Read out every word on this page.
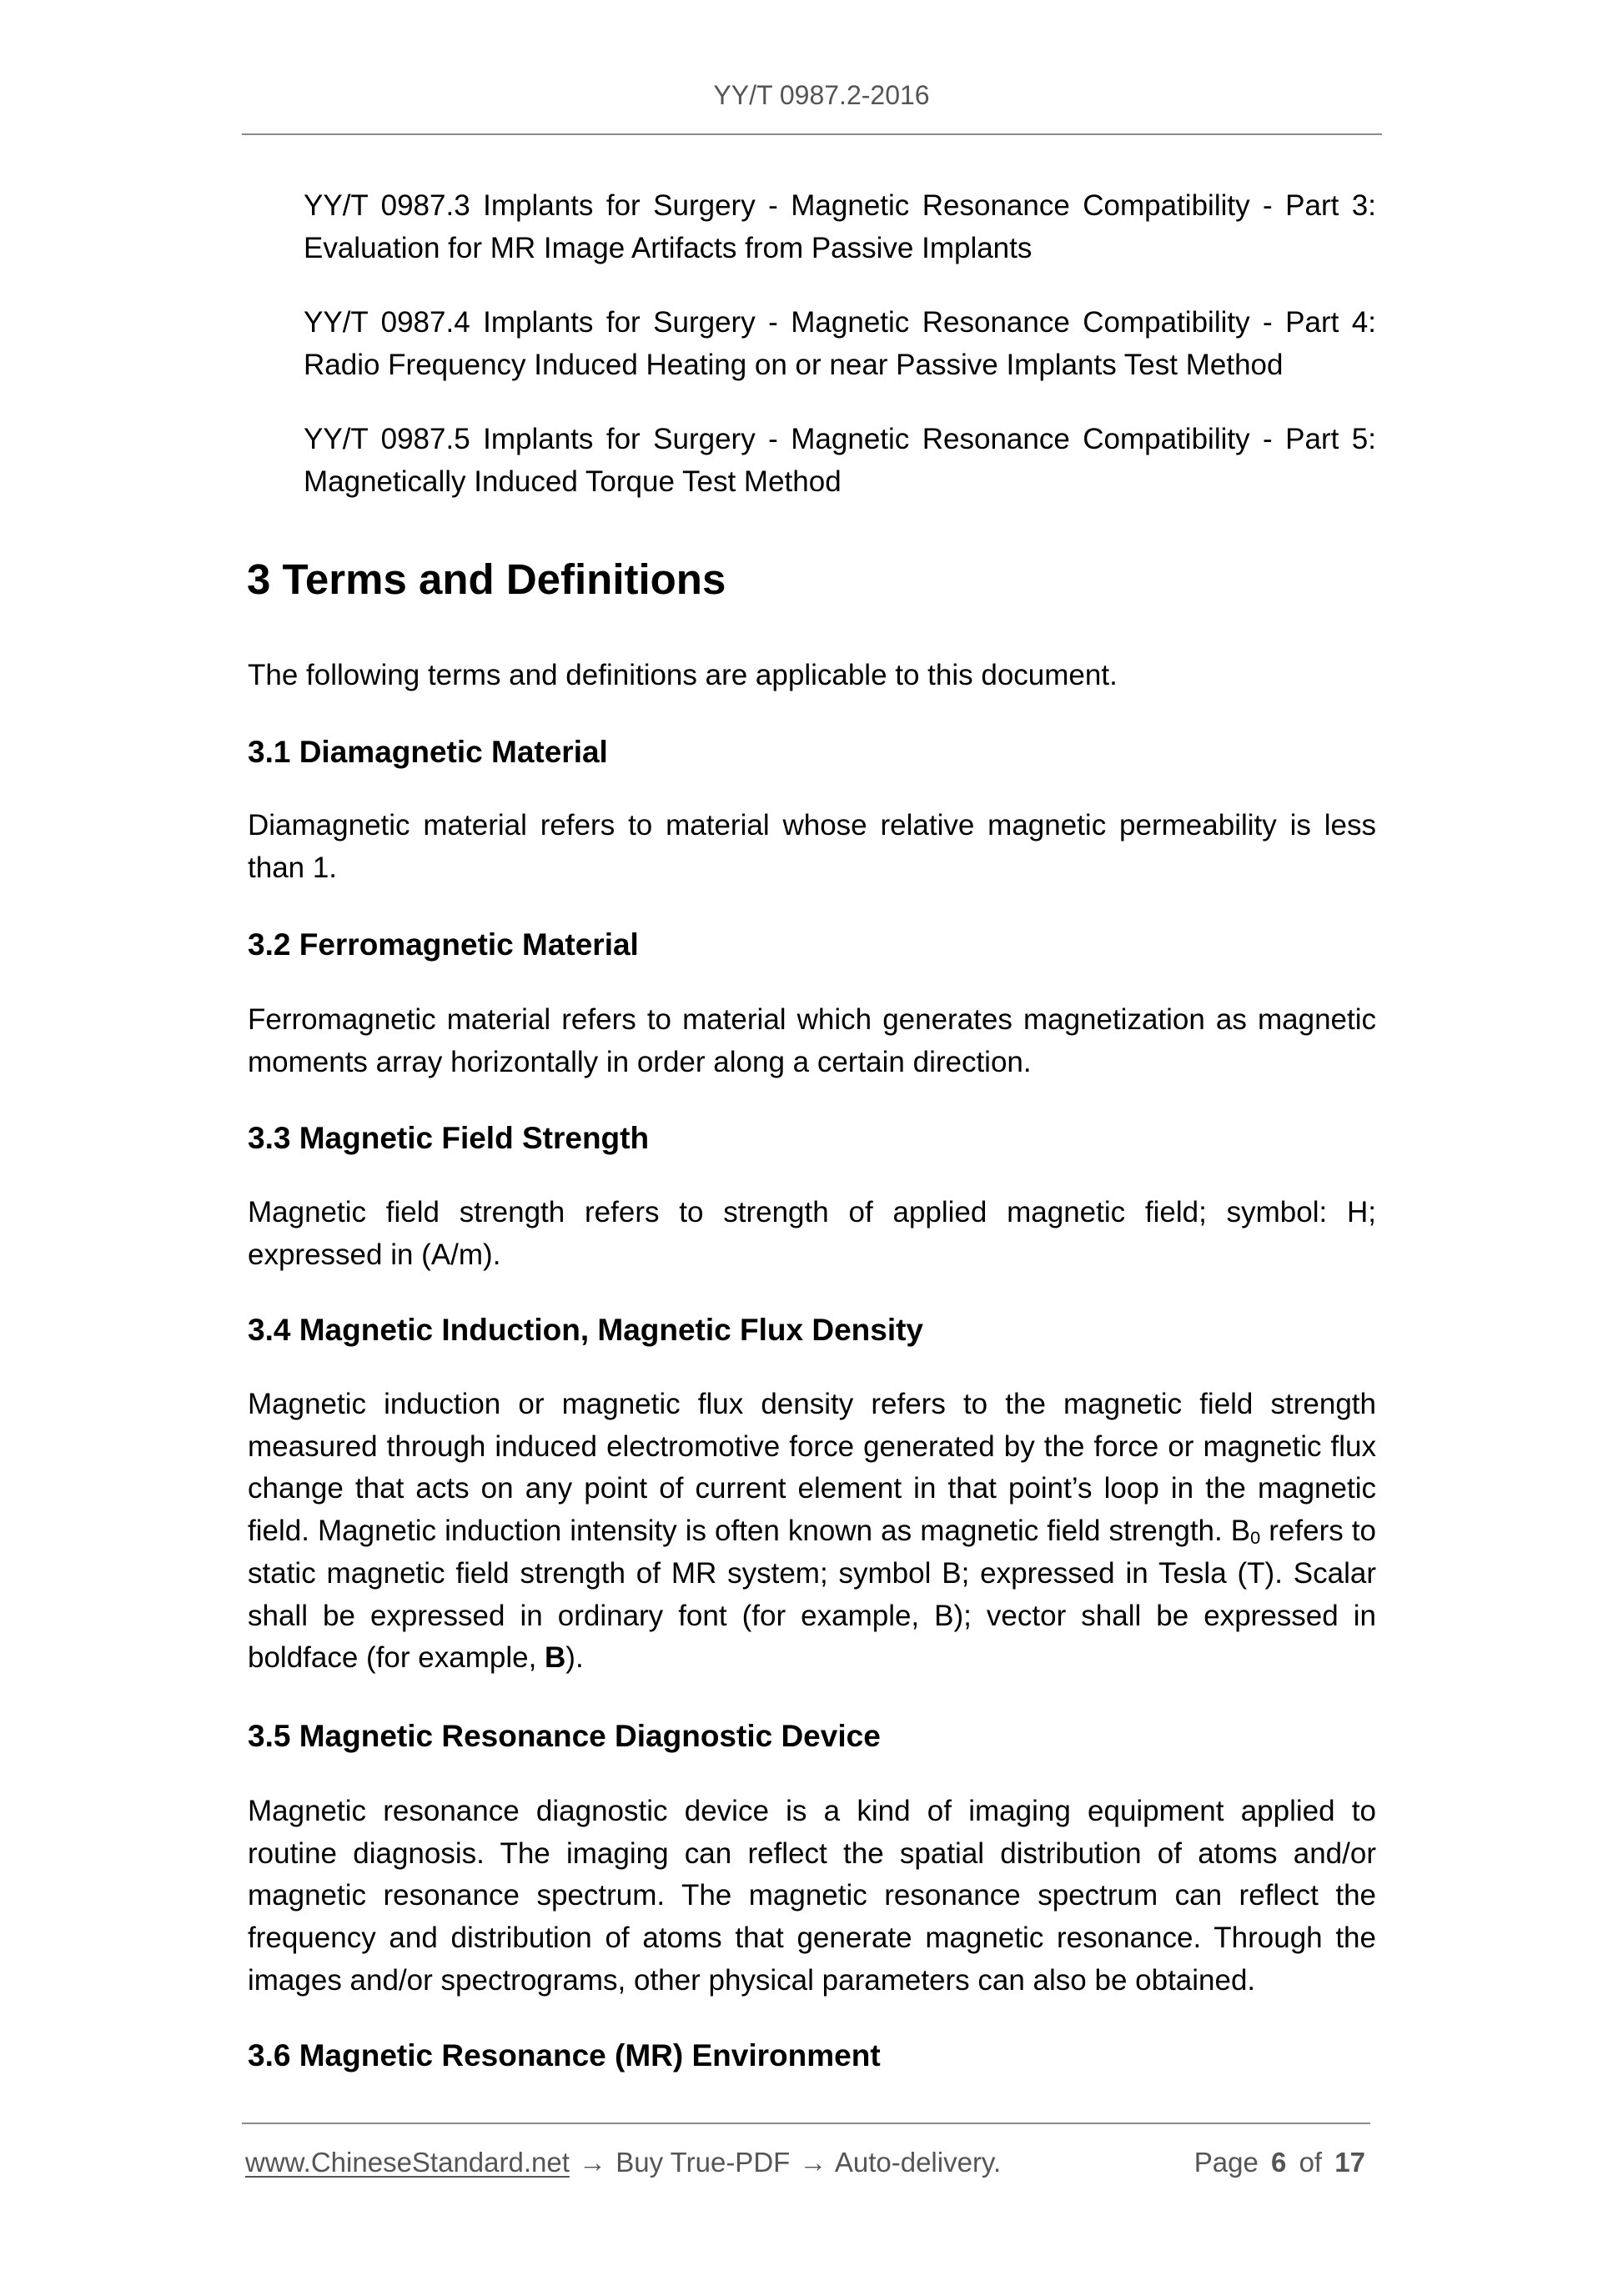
YY/T 0987.2-2016
YY/T 0987.3 Implants for Surgery - Magnetic Resonance Compatibility - Part 3: Evaluation for MR Image Artifacts from Passive Implants
YY/T 0987.4 Implants for Surgery - Magnetic Resonance Compatibility - Part 4: Radio Frequency Induced Heating on or near Passive Implants Test Method
YY/T 0987.5 Implants for Surgery - Magnetic Resonance Compatibility - Part 5: Magnetically Induced Torque Test Method
3 Terms and Definitions
The following terms and definitions are applicable to this document.
3.1 Diamagnetic Material
Diamagnetic material refers to material whose relative magnetic permeability is less than 1.
3.2 Ferromagnetic Material
Ferromagnetic material refers to material which generates magnetization as magnetic moments array horizontally in order along a certain direction.
3.3 Magnetic Field Strength
Magnetic field strength refers to strength of applied magnetic field; symbol: H; expressed in (A/m).
3.4 Magnetic Induction, Magnetic Flux Density
Magnetic induction or magnetic flux density refers to the magnetic field strength measured through induced electromotive force generated by the force or magnetic flux change that acts on any point of current element in that point’s loop in the magnetic field. Magnetic induction intensity is often known as magnetic field strength. $B_0$ refers to static magnetic field strength of MR system; symbol B; expressed in Tesla (T). Scalar shall be expressed in ordinary font (for example, B); vector shall be expressed in boldface (for example, B).
3.5 Magnetic Resonance Diagnostic Device
Magnetic resonance diagnostic device is a kind of imaging equipment applied to routine diagnosis. The imaging can reflect the spatial distribution of atoms and/or magnetic resonance spectrum. The magnetic resonance spectrum can reflect the frequency and distribution of atoms that generate magnetic resonance. Through the images and/or spectrograms, other physical parameters can also be obtained.
3.6 Magnetic Resonance (MR) Environment
www.ChineseStandard.net → Buy True-PDF → Auto-delivery.	Page 6 of 17
